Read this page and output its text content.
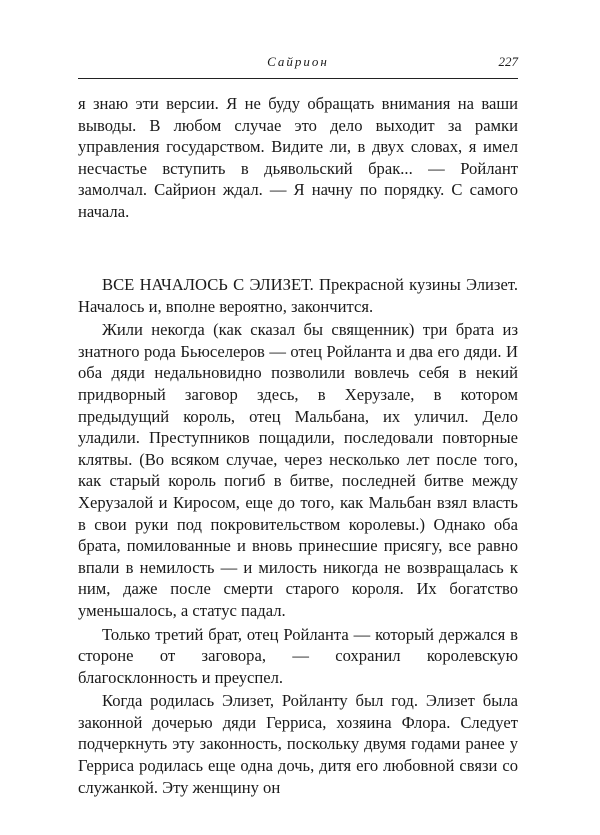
Сайрион	227

я знаю эти версии. Я не буду обращать внимания на ваши выводы. В любом случае это дело выходит за рамки управления государством. Видите ли, в двух словах, я имел несчастье вступить в дьявольский брак... — Ройлант замолчал. Сайрион ждал. — Я начну по порядку. С самого начала.

ВСЕ НАЧАЛОСЬ С ЭЛИЗЕТ. Прекрасной кузины Элизет. Началось и, вполне вероятно, закончится.

Жили некогда (как сказал бы священник) три брата из знатного рода Бьюселеров — отец Ройланта и два его дяди. И оба дяди недальновидно позволили вовлечь себя в некий придворный заговор здесь, в Херузале, в котором предыдущий король, отец Мальбана, их уличил. Дело уладили. Преступников пощадили, последовали повторные клятвы. (Во всяком случае, через несколько лет после того, как старый король погиб в битве, последней битве между Херузалой и Киросом, еще до того, как Мальбан взял власть в свои руки под покровительством королевы.) Однако оба брата, помилованные и вновь принесшие присягу, все равно впали в немилость — и милость никогда не возвращалась к ним, даже после смерти старого короля. Их богатство уменьшалось, а статус падал.

Только третий брат, отец Ройланта — который держался в стороне от заговора, — сохранил королевскую благосклонность и преуспел.

Когда родилась Элизет, Ройланту был год. Элизет была законной дочерью дяди Герриса, хозяина Флора. Следует подчеркнуть эту законность, поскольку двумя годами ранее у Герриса родилась еще одна дочь, дитя его любовной связи со служанкой. Эту женщину он
